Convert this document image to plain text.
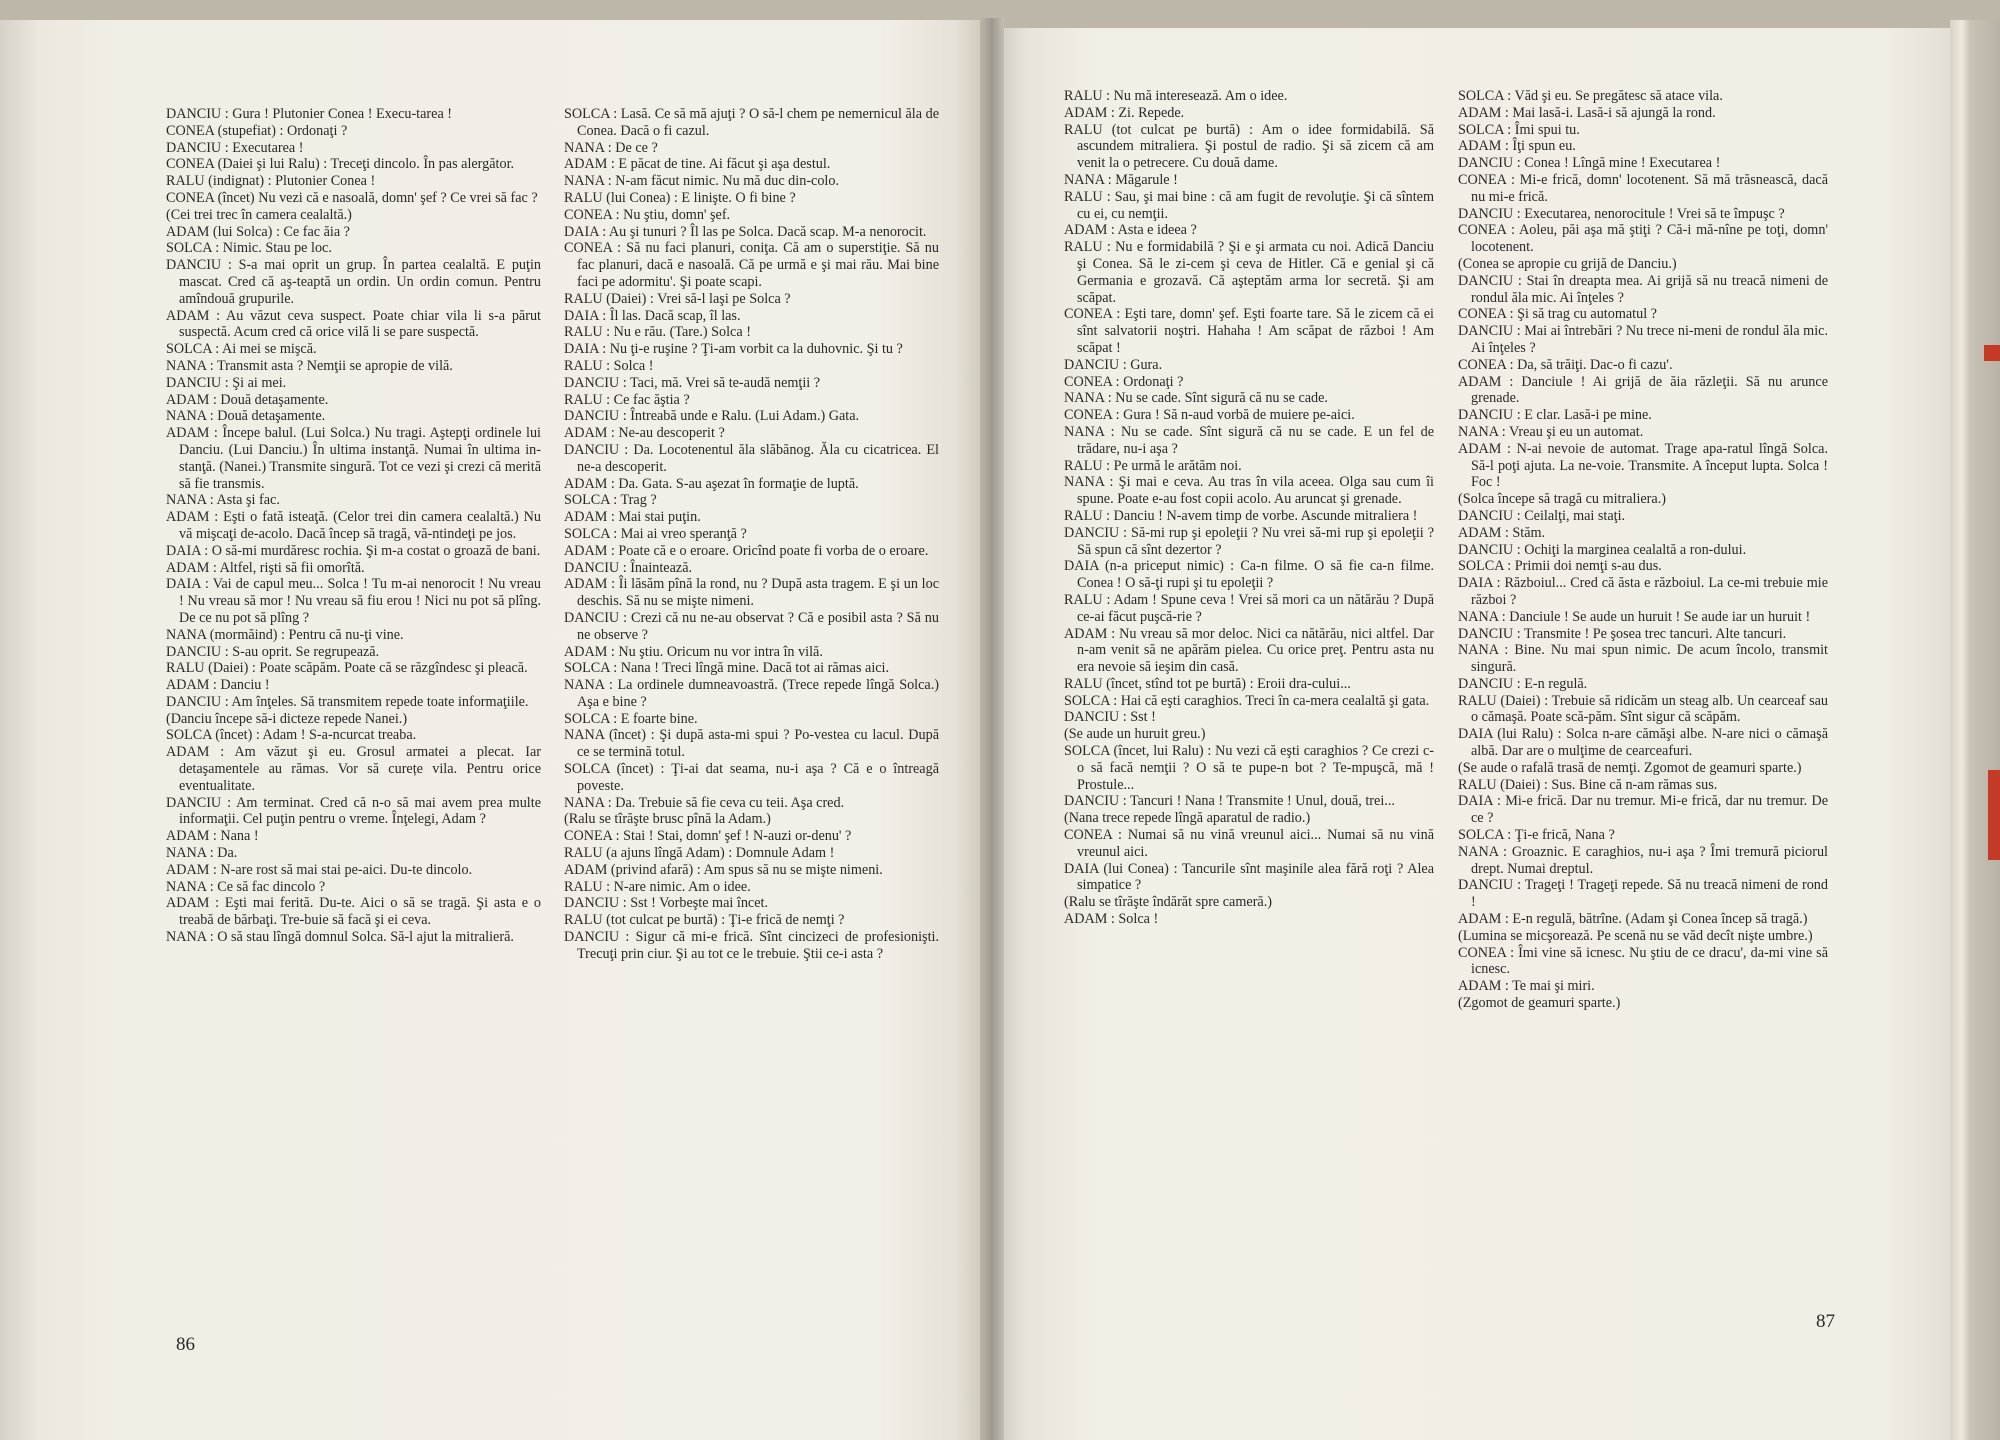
DANCIU : Gura ! Plutonier Conea ! Execu-tarea !

CONEA (stupefiat) : Ordonaţi ?

DANCIU : Executarea !

CONEA (Daiei şi lui Ralu) : Treceţi dincolo. În pas alergător.

RALU (indignat) : Plutonier Conea !

CONEA (încet) Nu vezi că e nasoală, domn' şef ? Ce vrei să fac ?

(Cei trei trec în camera cealaltă.)

ADAM (lui Solca) : Ce fac ăia ?

SOLCA : Nimic. Stau pe loc.

DANCIU : S-a mai oprit un grup. În partea cealaltă. E puţin mascat. Cred că aş-teaptă un ordin. Un ordin comun. Pentru amîndouă grupurile.

ADAM : Au văzut ceva suspect. Poate chiar vila li s-a părut suspectă. Acum cred că orice vilă li se pare suspectă.

SOLCA : Ai mei se mişcă.

NANA : Transmit asta ? Nemţii se apropie de vilă.

DANCIU : Şi ai mei.

ADAM : Două detaşamente.

NANA : Două detaşamente.

ADAM : Începe balul. (Lui Solca.) Nu tragi. Aştepţi ordinele lui Danciu. (Lui Danciu.) În ultima instanţă. Numai în ultima in-stanţă. (Nanei.) Transmite singură. Tot ce vezi şi crezi că merită să fie transmis.

NANA : Asta şi fac.

ADAM : Eşti o fată isteaţă. (Celor trei din camera cealaltă.) Nu vă mişcaţi de-acolo. Dacă încep să tragă, vă-ntindeţi pe jos.

DAIA : O să-mi murdăresc rochia. Şi m-a costat o groază de bani.

ADAM : Altfel, rişti să fii omorîtă.

DAIA : Vai de capul meu... Solca ! Tu m-ai nenorocit ! Nu vreau ! Nu vreau să mor ! Nu vreau să fiu erou ! Nici nu pot să plîng. De ce nu pot să plîng ?

NANA (mormăind) : Pentru că nu-ţi vine.

DANCIU : S-au oprit. Se regrupează.

RALU (Daiei) : Poate scăpăm. Poate că se răzgîndesc şi pleacă.

ADAM : Danciu !

DANCIU : Am înţeles. Să transmitem repede toate informaţiile.

(Danciu începe să-i dicteze repede Nanei.)

SOLCA (încet) : Adam ! S-a-ncurcat treaba.

ADAM : Am văzut şi eu. Grosul armatei a plecat. Iar detaşamentele au rămas. Vor să curețe vila. Pentru orice eventualitate.

DANCIU : Am terminat. Cred că n-o să mai avem prea multe informaţii. Cel puţin pentru o vreme. Înţelegi, Adam ?

ADAM : Nana !

NANA : Da.

ADAM : N-are rost să mai stai pe-aici. Du-te dincolo.

NANA : Ce să fac dincolo ?

ADAM : Eşti mai ferită. Du-te. Aici o să se tragă. Şi asta e o treabă de bărbaţi. Tre-buie să facă şi ei ceva.

NANA : O să stau lîngă domnul Solca. Să-l ajut la mitralieră.

SOLCA : Lasă. Ce să mă ajuţi ? O să-l chem pe nemernicul ăla de Conea. Dacă o fi cazul.

NANA : De ce ?

ADAM : E păcat de tine. Ai făcut şi aşa destul.

NANA : N-am făcut nimic. Nu mă duc din-colo.

RALU (lui Conea) : E linişte. O fi bine ?

CONEA : Nu ştiu, domn' şef.

DAIA : Au şi tunuri ? Îl las pe Solca. Dacă scap. M-a nenorocit.

CONEA : Să nu faci planuri, coniţa. Că am o superstiţie. Să nu fac planuri, dacă e nasoală. Că pe urmă e şi mai rău. Mai bine faci pe adormitu'. Şi poate scapi.

RALU (Daiei) : Vrei să-l laşi pe Solca ?

DAIA : Îl las. Dacă scap, îl las.

RALU : Nu e rău. (Tare.) Solca !

DAIA : Nu ţi-e ruşine ? Ţi-am vorbit ca la duhovnic. Şi tu ?

RALU : Solca !

DANCIU : Taci, mă. Vrei să te-audă nemţii ?

RALU : Ce fac ăştia ?

DANCIU : Întreabă unde e Ralu. (Lui Adam.) Gata.

ADAM : Ne-au descoperit ?

DANCIU : Da. Locotenentul ăla slăbănog. Ăla cu cicatricea. El ne-a descoperit.

ADAM : Da. Gata. S-au aşezat în formaţie de luptă.

SOLCA : Trag ?

ADAM : Mai stai puţin.

SOLCA : Mai ai vreo speranţă ?

ADAM : Poate că e o eroare. Oricînd poate fi vorba de o eroare.

DANCIU : Înaintează.

ADAM : Îi lăsăm pînă la rond, nu ? După asta tragem. E şi un loc deschis. Să nu se mişte nimeni.

DANCIU : Crezi că nu ne-au observat ? Că e posibil asta ? Să nu ne observe ?

ADAM : Nu ştiu. Oricum nu vor intra în vilă.

SOLCA : Nana ! Treci lîngă mine. Dacă tot ai rămas aici.

NANA : La ordinele dumneavoastră. (Trece repede lîngă Solca.) Aşa e bine ?

SOLCA : E foarte bine.

NANA (încet) : Şi după asta-mi spui ? Po-vestea cu lacul. După ce se termină totul.

SOLCA (încet) : Ţi-ai dat seama, nu-i aşa ? Că e o întreagă poveste.

NANA : Da. Trebuie să fie ceva cu teii. Aşa cred.

(Ralu se tîrăşte brusc pînă la Adam.)

CONEA : Stai ! Stai, domn' şef ! N-auzi or-denu' ?

RALU (a ajuns lîngă Adam) : Domnule Adam !

ADAM (privind afară) : Am spus să nu se mişte nimeni.

RALU : N-are nimic. Am o idee.

DANCIU : Sst ! Vorbeşte mai încet.

RALU (tot culcat pe burtă) : Ţi-e frică de nemţi ?

DANCIU : Sigur că mi-e frică. Sînt cincizeci de profesionişti. Trecuţi prin ciur. Şi au tot ce le trebuie. Ştii ce-i asta ?

86

RALU : Nu mă interesează. Am o idee.

ADAM : Zi. Repede.

RALU (tot culcat pe burtă) : Am o idee formidabilă. Să ascundem mitraliera. Şi postul de radio. Şi să zicem că am venit la o petrecere. Cu două dame.

NANA : Măgarule !

RALU : Sau, şi mai bine : că am fugit de revoluţie. Şi că sîntem cu ei, cu nemţii.

ADAM : Asta e ideea ?

RALU : Nu e formidabilă ? Şi e şi armata cu noi. Adică Danciu şi Conea. Să le zi-cem şi ceva de Hitler. Că e genial şi că Germania e grozavă. Că aşteptăm arma lor secretă. Şi am scăpat.

CONEA : Eşti tare, domn' şef. Eşti foarte tare. Să le zicem că ei sînt salvatorii noştri. Hahaha ! Am scăpat de război ! Am scăpat !

DANCIU : Gura.

CONEA : Ordonaţi ?

NANA : Nu se cade. Sînt sigură că nu se cade.

CONEA : Gura ! Să n-aud vorbă de muiere pe-aici.

NANA : Nu se cade. Sînt sigură că nu se cade. E un fel de trădare, nu-i aşa ?

RALU : Pe urmă le arătăm noi.

NANA : Şi mai e ceva. Au tras în vila aceea. Olga sau cum îi spune. Poate e-au fost copii acolo. Au aruncat şi grenade.

RALU : Danciu ! N-avem timp de vorbe. Ascunde mitraliera !

DANCIU : Să-mi rup şi epoleţii ? Nu vrei să-mi rup şi epoleţii ? Să spun că sînt dezertor ?

DAIA (n-a priceput nimic) : Ca-n filme. O să fie ca-n filme. Conea ! O să-ţi rupi şi tu epoleţii ?

RALU : Adam ! Spune ceva ! Vrei să mori ca un nătărău ? După ce-ai făcut puşcă-rie ?

ADAM : Nu vreau să mor deloc. Nici ca nătărău, nici altfel. Dar n-am venit să ne apărăm pielea. Cu orice preţ. Pentru asta nu era nevoie să ieşim din casă.

RALU (încet, stînd tot pe burtă) : Eroii dra-cului...

SOLCA : Hai că eşti caraghios. Treci în ca-mera cealaltă şi gata.

DANCIU : Sst !

(Se aude un huruit greu.)

SOLCA (încet, lui Ralu) : Nu vezi că eşti caraghios ? Ce crezi c-o să facă nemţii ? O să te pupe-n bot ? Te-mpuşcă, mă ! Prostule...

DANCIU : Tancuri ! Nana ! Transmite ! Unul, două, trei...

(Nana trece repede lîngă aparatul de radio.)

CONEA : Numai să nu vină vreunul aici... Numai să nu vină vreunul aici.

DAIA (lui Conea) : Tancurile sînt maşinile alea fără roţi ? Alea simpatice ?

(Ralu se tîrăşte îndărăt spre cameră.)

ADAM : Solca !

SOLCA : Văd şi eu. Se pregătesc să atace vila.

ADAM : Mai lasă-i. Lasă-i să ajungă la rond.

SOLCA : Îmi spui tu.

ADAM : Îţi spun eu.

DANCIU : Conea ! Lîngă mine ! Executarea !

CONEA : Mi-e frică, domn' locotenent. Să mă trăsnească, dacă nu mi-e frică.

DANCIU : Executarea, nenorocitule ! Vrei să te împuşc ?

CONEA : Aoleu, păi aşa mă ştiţi ? Că-i mă-nîne pe toţi, domn' locotenent.

(Conea se apropie cu grijă de Danciu.)

DANCIU : Stai în dreapta mea. Ai grijă să nu treacă nimeni de rondul ăla mic. Ai înţeles ?

CONEA : Şi să trag cu automatul ?

DANCIU : Mai ai întrebări ? Nu trece ni-meni de rondul ăla mic. Ai înţeles ?

CONEA : Da, să trăiţi. Dac-o fi cazu'.

ADAM : Danciule ! Ai grijă de ăia răzleţii. Să nu arunce grenade.

DANCIU : E clar. Lasă-i pe mine.

NANA : Vreau şi eu un automat.

ADAM : N-ai nevoie de automat. Trage apa-ratul lîngă Solca. Să-l poţi ajuta. La ne-voie. Transmite. A început lupta. Solca ! Foc !

(Solca începe să tragă cu mitraliera.)

DANCIU : Ceilalţi, mai staţi.

ADAM : Stăm.

DANCIU : Ochiţi la marginea cealaltă a ron-dului.

SOLCA : Primii doi nemţi s-au dus.

DAIA : Războiul... Cred că ăsta e războiul. La ce-mi trebuie mie război ?

NANA : Danciule ! Se aude un huruit ! Se aude iar un huruit !

DANCIU : Transmite ! Pe şosea trec tancuri. Alte tancuri.

NANA : Bine. Nu mai spun nimic. De acum încolo, transmit singură.

DANCIU : E-n regulă.

RALU (Daiei) : Trebuie să ridicăm un steag alb. Un cearceaf sau o cămaşă. Poate scă-păm. Sînt sigur că scăpăm.

DAIA (lui Ralu) : Solca n-are cămăşi albe. N-are nici o cămaşă albă. Dar are o mulţime de cearceafuri.

(Se aude o rafală trasă de nemţi. Zgomot de geamuri sparte.)

RALU (Daiei) : Sus. Bine că n-am rămas sus.

DAIA : Mi-e frică. Dar nu tremur. Mi-e frică, dar nu tremur. De ce ?

SOLCA : Ţi-e frică, Nana ?

NANA : Groaznic. E caraghios, nu-i aşa ? Îmi tremură piciorul drept. Numai dreptul.

DANCIU : Trageţi ! Trageţi repede. Să nu treacă nimeni de rond !

ADAM : E-n regulă, bătrîne. (Adam şi Conea încep să tragă.)

(Lumina se micşorează. Pe scenă nu se văd decît nişte umbre.)

CONEA : Îmi vine să icnesc. Nu ştiu de ce dracu', da-mi vine să icnesc.

ADAM : Te mai şi miri.

(Zgomot de geamuri sparte.)

87
